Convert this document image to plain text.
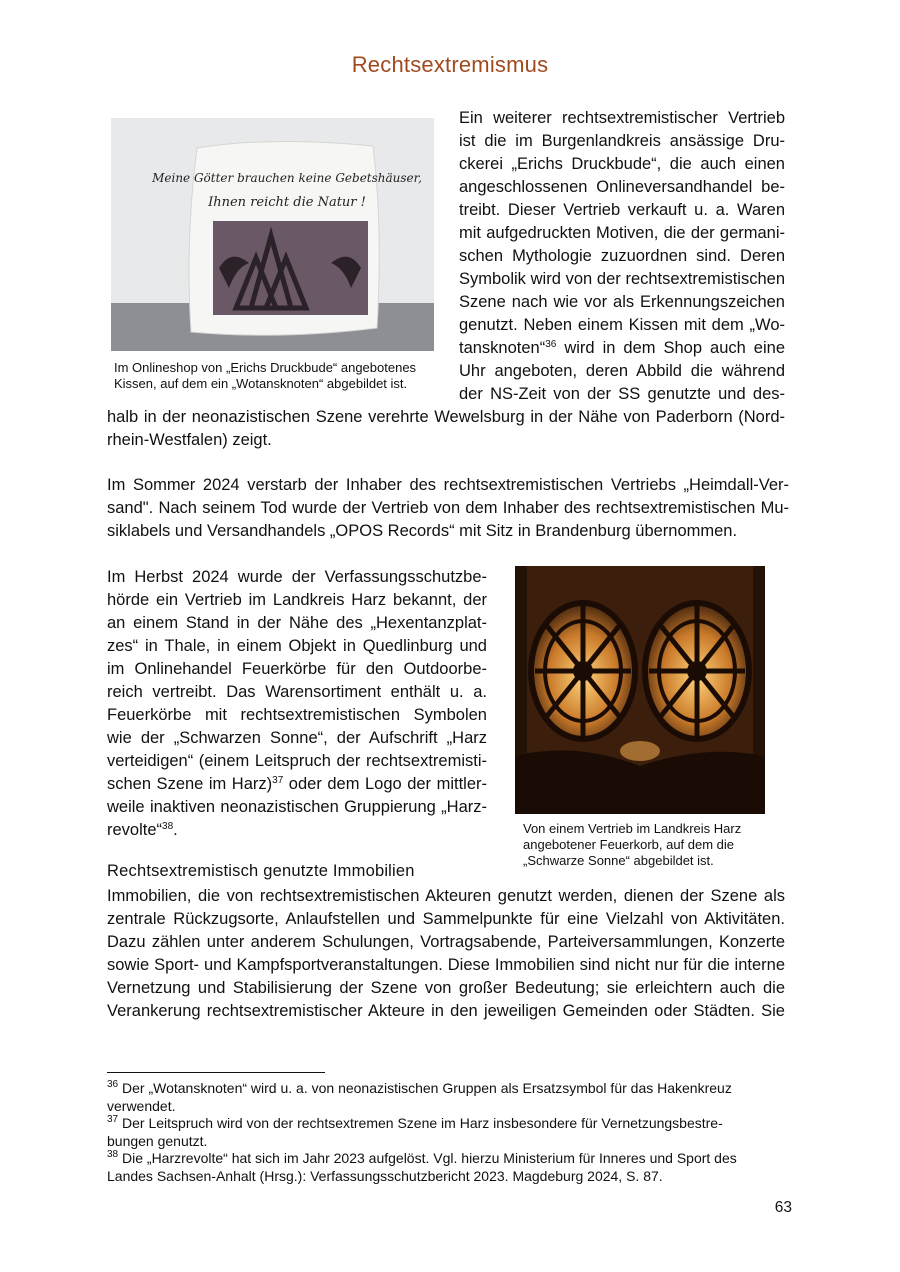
Rechtsextremismus
Meine Götter brauchen keine Gebetshäuser,
Ihnen reicht die Natur !
Im Onlineshop von „Erichs Druckbude“ angebotenes
Kissen, auf dem ein „Wotansknoten“ abgebildet ist.
Ein weiterer rechtsextremistischer Vertrieb
ist die im Burgenlandkreis ansässige Dru-
ckerei „Erichs Druckbude“, die auch einen
angeschlossenen Onlineversandhandel be-
treibt. Dieser Vertrieb verkauft u. a. Waren
mit aufgedruckten Motiven, die der germani-
schen Mythologie zuzuordnen sind. Deren
Symbolik wird von der rechtsextremistischen
Szene nach wie vor als Erkennungszeichen
genutzt. Neben einem Kissen mit dem „Wo-
tansknoten“$^{36}$ wird in dem Shop auch eine
Uhr angeboten, deren Abbild die während
der NS-Zeit von der SS genutzte und des-
halb in der neonazistischen Szene verehrte Wewelsburg in der Nähe von Paderborn (Nord-
rhein-Westfalen) zeigt.
Im Sommer 2024 verstarb der Inhaber des rechtsextremistischen Vertriebs „Heimdall-Ver-
sand". Nach seinem Tod wurde der Vertrieb von dem Inhaber des rechtsextremistischen Mu-
siklabels und Versandhandels „OPOS Records“ mit Sitz in Brandenburg übernommen.
Im Herbst 2024 wurde der Verfassungsschutzbe-
hörde ein Vertrieb im Landkreis Harz bekannt, der
an einem Stand in der Nähe des „Hexentanzplat-
zes“ in Thale, in einem Objekt in Quedlinburg und
im Onlinehandel Feuerkörbe für den Outdoorbe-
reich vertreibt. Das Warensortiment enthält u. a.
Feuerkörbe mit rechtsextremistischen Symbolen
wie der „Schwarzen Sonne“, der Aufschrift „Harz
verteidigen“ (einem Leitspruch der rechtsextremisti-
schen Szene im Harz)$^{37}$ oder dem Logo der mittler-
weile inaktiven neonazistischen Gruppierung „Harz-
revolte“$^{38}$.	Von einem Vertrieb im Landkreis Harz
angebotener Feuerkorb, auf dem die
„Schwarze Sonne“ abgebildet ist.
Rechtsextremistisch genutzte Immobilien
Immobilien, die von rechtsextremistischen Akteuren genutzt werden, dienen der Szene als
zentrale Rückzugsorte, Anlaufstellen und Sammelpunkte für eine Vielzahl von Aktivitäten.
Dazu zählen unter anderem Schulungen, Vortragsabende, Parteiversammlungen, Konzerte
sowie Sport- und Kampfsportveranstaltungen. Diese Immobilien sind nicht nur für die interne
Vernetzung und Stabilisierung der Szene von großer Bedeutung; sie erleichtern auch die
Verankerung rechtsextremistischer Akteure in den jeweiligen Gemeinden oder Städten. Sie
$^{36}$ Der „Wotansknoten“ wird u. a. von neonazistischen Gruppen als Ersatzsymbol für das Hakenkreuz
verwendet.
$^{37}$ Der Leitspruch wird von der rechtsextremen Szene im Harz insbesondere für Vernetzungsbestre-
bungen genutzt.
$^{38}$ Die „Harzrevolte“ hat sich im Jahr 2023 aufgelöst. Vgl. hierzu Ministerium für Inneres und Sport des
Landes Sachsen-Anhalt (Hrsg.): Verfassungsschutzbericht 2023. Magdeburg 2024, S. 87.
63
